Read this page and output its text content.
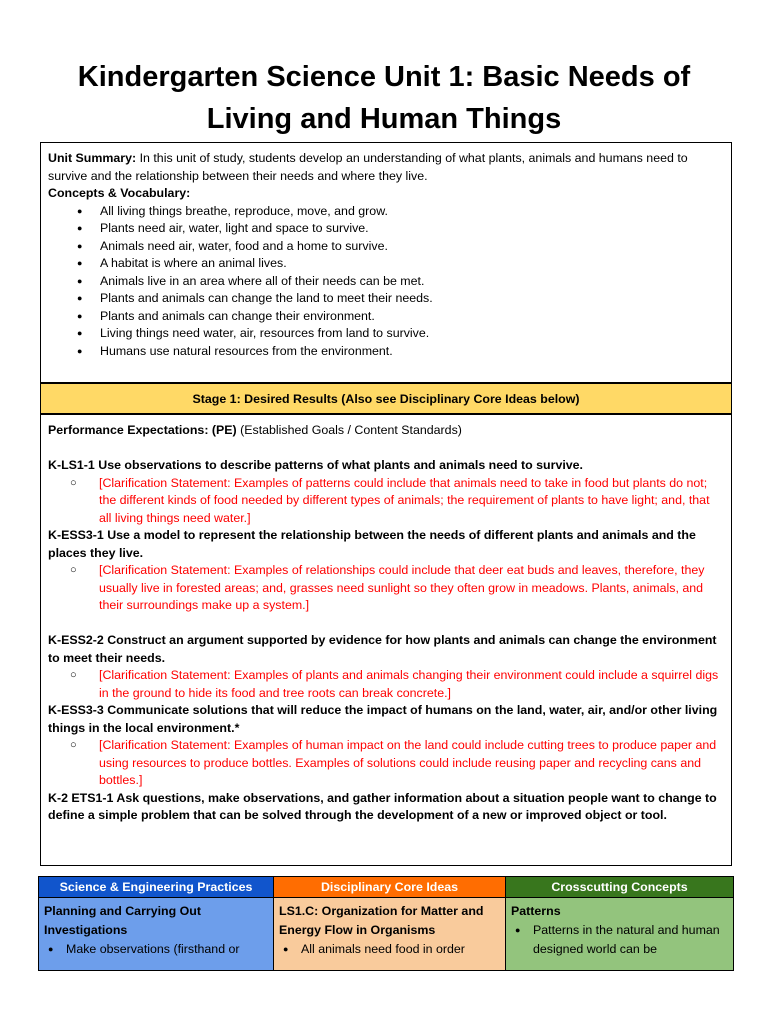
Kindergarten Science Unit 1: Basic Needs of
Living and Human Things
Unit Summary: In this unit of study, students develop an understanding of what plants, animals and humans need to survive and the relationship between their needs and where they live.
Concepts & Vocabulary:
● All living things breathe, reproduce, move, and grow.
● Plants need air, water, light and space to survive.
● Animals need air, water, food and a home to survive.
● A habitat is where an animal lives.
● Animals live in an area where all of their needs can be met.
● Plants and animals can change the land to meet their needs.
● Plants and animals can change their environment.
● Living things need water, air, resources from land to survive.
● Humans use natural resources from the environment.
Stage 1: Desired Results (Also see Disciplinary Core Ideas below)
Performance Expectations: (PE) (Established Goals / Content Standards)
K-LS1-1 Use observations to describe patterns of what plants and animals need to survive.
○ [Clarification Statement: Examples of patterns could include that animals need to take in food but plants do not; the different kinds of food needed by different types of animals; the requirement of plants to have light; and, that all living things need water.]
K-ESS3-1 Use a model to represent the relationship between the needs of different plants and animals and the places they live.
○ [Clarification Statement: Examples of relationships could include that deer eat buds and leaves, therefore, they usually live in forested areas; and, grasses need sunlight so they often grow in meadows. Plants, animals, and their surroundings make up a system.]
K-ESS2-2 Construct an argument supported by evidence for how plants and animals can change the environment to meet their needs.
○ [Clarification Statement: Examples of plants and animals changing their environment could include a squirrel digs in the ground to hide its food and tree roots can break concrete.]
K-ESS3-3 Communicate solutions that will reduce the impact of humans on the land, water, air, and/or other living things in the local environment.*
○ [Clarification Statement: Examples of human impact on the land could include cutting trees to produce paper and using resources to produce bottles. Examples of solutions could include reusing paper and recycling cans and bottles.]
K-2 ETS1-1 Ask questions, make observations, and gather information about a situation people want to change to define a simple problem that can be solved through the development of a new or improved object or tool.
Science & Engineering Practices
Planning and Carrying Out Investigations
● Make observations (firsthand or
Disciplinary Core Ideas
LS1.C: Organization for Matter and Energy Flow in Organisms
● All animals need food in order
Crosscutting Concepts
Patterns
● Patterns in the natural and human designed world can be
